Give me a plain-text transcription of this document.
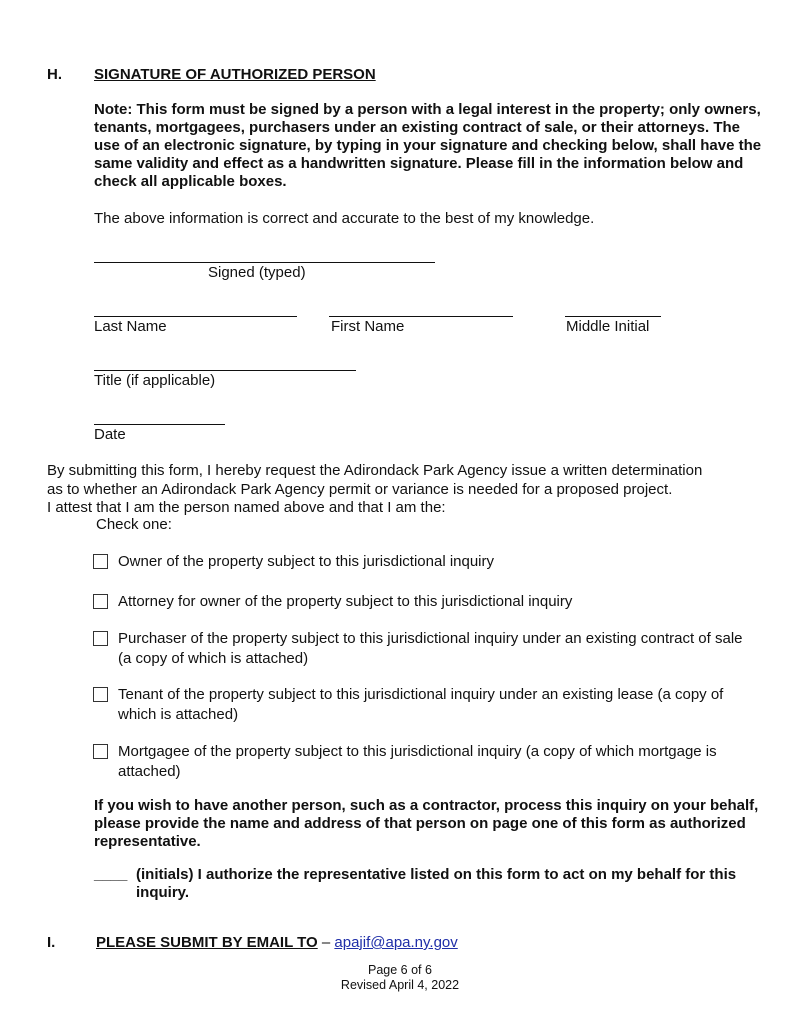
H. SIGNATURE OF AUTHORIZED PERSON
Note: This form must be signed by a person with a legal interest in the property; only owners, tenants, mortgagees, purchasers under an existing contract of sale, or their attorneys. The use of an electronic signature, by typing in your signature and checking below, shall have the same validity and effect as a handwritten signature. Please fill in the information below and check all applicable boxes.
The above information is correct and accurate to the best of my knowledge.
Signed (typed)
Last Name	First Name	Middle Initial
Title (if applicable)
Date
By submitting this form, I hereby request the Adirondack Park Agency issue a written determination
as to whether an Adirondack Park Agency permit or variance is needed for a proposed project.
I attest that I am the person named above and that I am the:
Check one:
Owner of the property subject to this jurisdictional inquiry
Attorney for owner of the property subject to this jurisdictional inquiry
Purchaser of the property subject to this jurisdictional inquiry under an existing contract of sale (a copy of which is attached)
Tenant of the property subject to this jurisdictional inquiry under an existing lease (a copy of which is attached)
Mortgagee of the property subject to this jurisdictional inquiry (a copy of which mortgage is attached)
If you wish to have another person, such as a contractor, process this inquiry on your behalf, please provide the name and address of that person on page one of this form as authorized representative.
____ (initials) I authorize the representative listed on this form to act on my behalf for this inquiry.
I.	PLEASE SUBMIT BY EMAIL TO – apajif@apa.ny.gov
Page 6 of 6
Revised April 4, 2022
